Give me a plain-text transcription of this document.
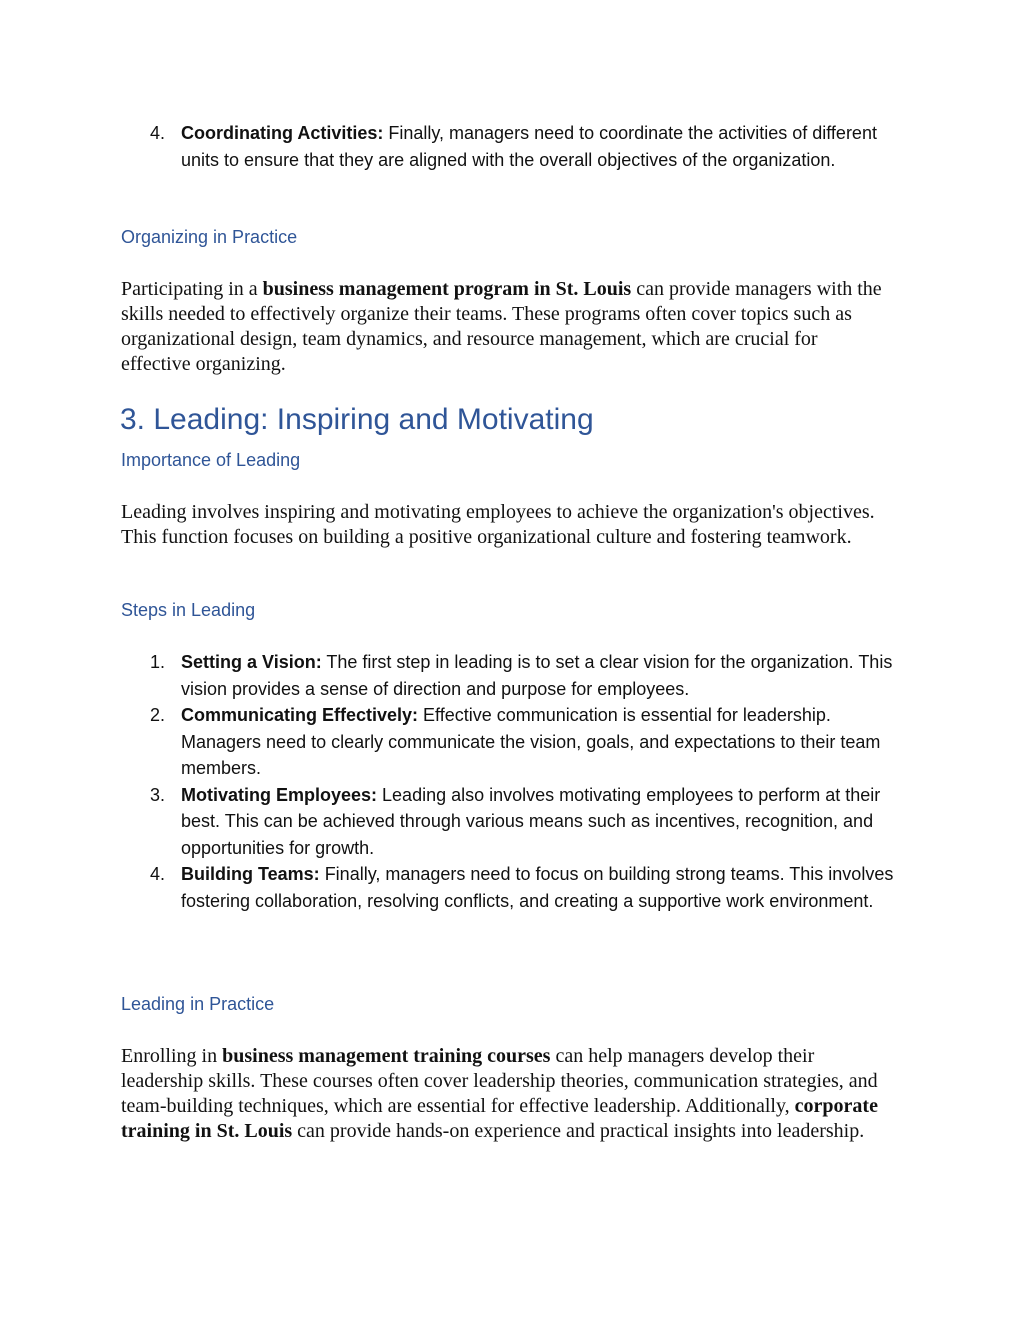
4. Coordinating Activities: Finally, managers need to coordinate the activities of different units to ensure that they are aligned with the overall objectives of the organization.
Organizing in Practice

Participating in a business management program in St. Louis can provide managers with the skills needed to effectively organize their teams. These programs often cover topics such as organizational design, team dynamics, and resource management, which are crucial for effective organizing.

3. Leading: Inspiring and Motivating
Importance of Leading

Leading involves inspiring and motivating employees to achieve the organization's objectives. This function focuses on building a positive organizational culture and fostering teamwork.

Steps in Leading
1. Setting a Vision: The first step in leading is to set a clear vision for the organization. This vision provides a sense of direction and purpose for employees.
2. Communicating Effectively: Effective communication is essential for leadership. Managers need to clearly communicate the vision, goals, and expectations to their team members.
3. Motivating Employees: Leading also involves motivating employees to perform at their best. This can be achieved through various means such as incentives, recognition, and opportunities for growth.
4. Building Teams: Finally, managers need to focus on building strong teams. This involves fostering collaboration, resolving conflicts, and creating a supportive work environment.
Leading in Practice

Enrolling in business management training courses can help managers develop their leadership skills. These courses often cover leadership theories, communication strategies, and team-building techniques, which are essential for effective leadership. Additionally, corporate training in St. Louis can provide hands-on experience and practical insights into leadership.
